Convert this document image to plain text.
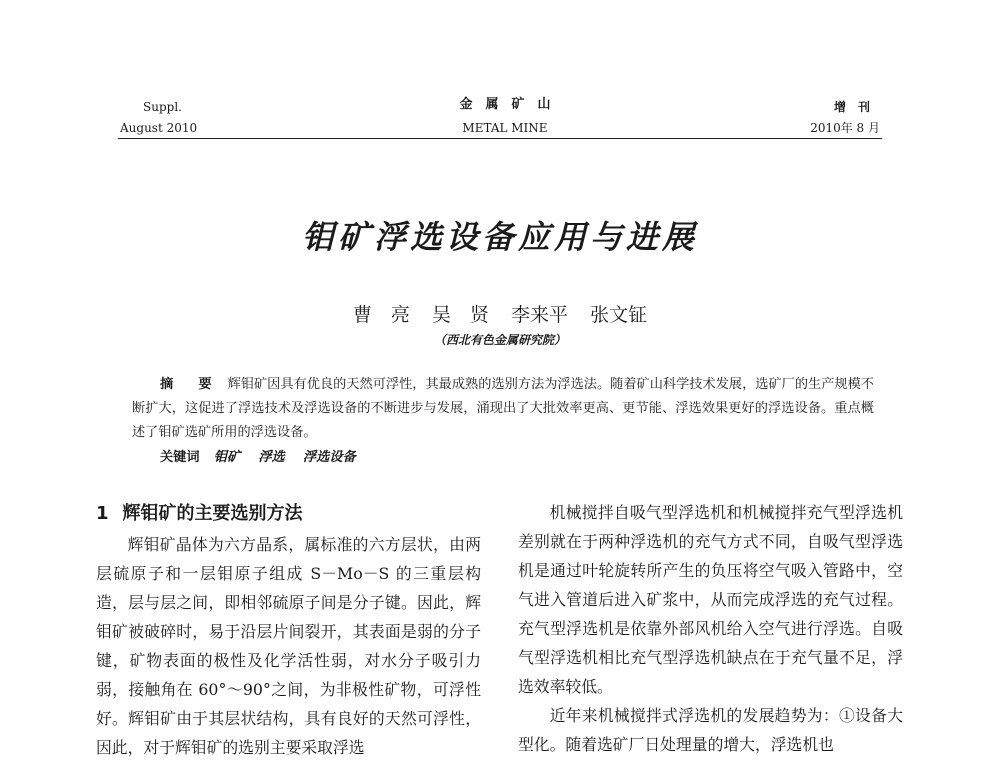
Suppl.
August 2010
金　属　矿　山
METAL MINE
增　刊
2010年 8 月
钼矿浮选设备应用与进展
曹　亮 吴　贤 李来平 张文钲
（西北有色金属研究院）
摘　要 辉钼矿因具有优良的天然可浮性，其最成熟的选别方法为浮选法。随着矿山科学技术发展，选矿厂的生产规模不断扩大，这促进了浮选技术及浮选设备的不断进步与发展，涌现出了大批效率更高、更节能、浮选效果更好的浮选设备。重点概述了钼矿选矿所用的浮选设备。
关键词 钼矿 浮选 浮选设备
1 辉钼矿的主要选别方法

辉钼矿晶体为六方晶系，属标准的六方层状，由两层硫原子和一层钼原子组成 S－Mo－S 的三重层构造，层与层之间，即相邻硫原子间是分子键。因此，辉钼矿被破碎时，易于沿层片间裂开，其表面是弱的分子键，矿物表面的极性及化学活性弱，对水分子吸引力弱，接触角在 60°～90°之间，为非极性矿物，可浮性好。辉钼矿由于其层状结构，具有良好的天然可浮性，因此，对于辉钼矿的选别主要采取浮选

机械搅拌自吸气型浮选机和机械搅拌充气型浮选机差别就在于两种浮选机的充气方式不同，自吸气型浮选机是通过叶轮旋转所产生的负压将空气吸入管路中，空气进入管道后进入矿浆中，从而完成浮选的充气过程。充气型浮选机是依靠外部风机给入空气进行浮选。自吸气型浮选机相比充气型浮选机缺点在于充气量不足，浮选效率较低。

近年来机械搅拌式浮选机的发展趋势为：①设备大型化。随着选矿厂日处理量的增大，浮选机也
